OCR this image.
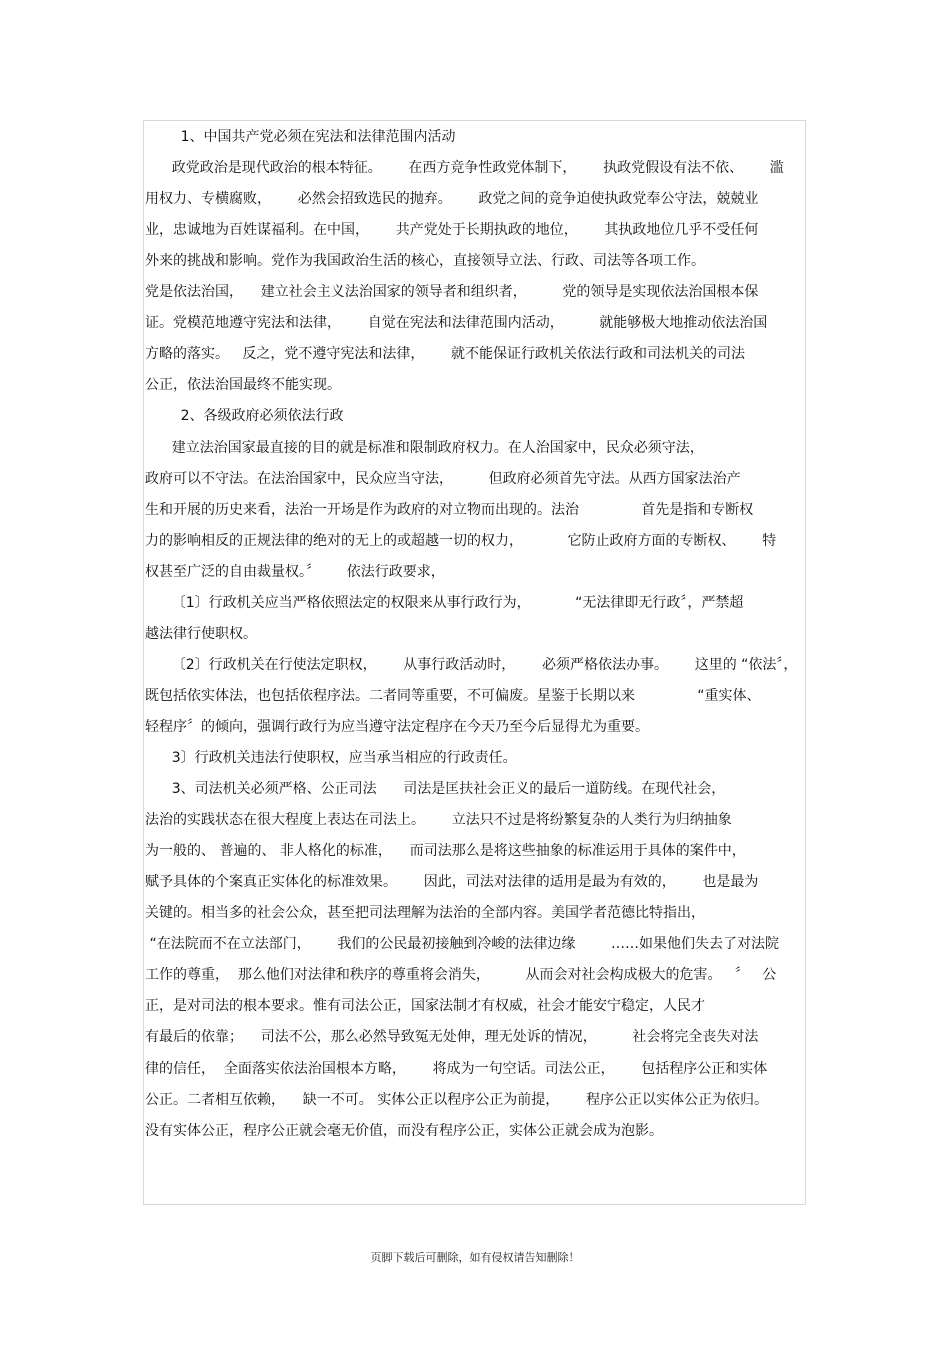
1、中国共产党必须在宪法和法律范围内活动

政党政治是现代政治的根本特征。      在西方竞争性政党体制下，      执政党假设有法不依、      滥

用权力、专横腐败，      必然会招致选民的抛弃。      政党之间的竞争迫使执政党奉公守法，兢兢业

业，忠诚地为百姓谋福利。在中国，      共产党处于长期执政的地位，      其执政地位几乎不受任何

外来的挑战和影响。党作为我国政治生活的核心，直接领导立法、行政、司法等各项工作。

党是依法治国，    建立社会主义法治国家的领导者和组织者，        党的领导是实现依法治国根本保

证。党模范地遵守宪法和法律，      自觉在宪法和法律范围内活动，        就能够极大地推动依法治国

方略的落实。   反之，党不遵守宪法和法律，      就不能保证行政机关依法行政和司法机关的司法

公正，依法治国最终不能实现。

2、各级政府必须依法行政

建立法治国家最直接的目的就是标准和限制政府权力。在人治国家中，民众必须守法，

政府可以不守法。在法治国家中，民众应当守法，        但政府必须首先守法。从西方国家法治产

生和开展的历史来看，法治一开场是作为政府的对立物而出现的。法治              首先是指和专断权

力的影响相反的正规法律的绝对的无上的或超越一切的权力，          它防止政府方面的专断权、      特

权甚至广泛的自由裁量权。〞      依法行政要求，

〔1〕行政机关应当严格依照法定的权限来从事行政行为，          “无法律即无行政〞，严禁超

越法律行使职权。

〔2〕行政机关在行使法定职权，      从事行政活动时，      必须严格依法办事。      这里的 “依法〞，

既包括依实体法，也包括依程序法。二者同等重要，不可偏废。星鉴于长期以来              “重实体、

轻程序〞的倾向，强调行政行为应当遵守法定程序在今天乃至今后显得尤为重要。

3〕行政机关违法行使职权，应当承当相应的行政责任。

3、司法机关必须严格、公正司法      司法是匡扶社会正义的最后一道防线。在现代社会，

法治的实践状态在很大程度上表达在司法上。      立法只不过是将纷繁复杂的人类行为归纳抽象

为一般的、 普遍的、 非人格化的标准，    而司法那么是将这些抽象的标准运用于具体的案件中，

赋予具体的个案真正实体化的标准效果。      因此，司法对法律的适用是最为有效的，      也是最为

关键的。相当多的社会公众，甚至把司法理解为法治的全部内容。美国学者范德比特指出，

“在法院而不在立法部门，      我们的公民最初接触到冷峻的法律边缘        ……如果他们失去了对法院

工作的尊重，  那么他们对法律和秩序的尊重将会消失，        从而会对社会构成极大的危害。   〞   公

正，是对司法的根本要求。惟有司法公正，国家法制才有权威，社会才能安宁稳定，人民才

有最后的依靠；    司法不公，那么必然导致冤无处伸，理无处诉的情况，        社会将完全丧失对法

律的信任，  全面落实依法治国根本方略，      将成为一句空话。司法公正，      包括程序公正和实体

公正。二者相互依赖，    缺一不可。 实体公正以程序公正为前提，      程序公正以实体公正为依归。

没有实体公正，程序公正就会毫无价值，而没有程序公正，实体公正就会成为泡影。

页脚下载后可删除，如有侵权请告知删除！
